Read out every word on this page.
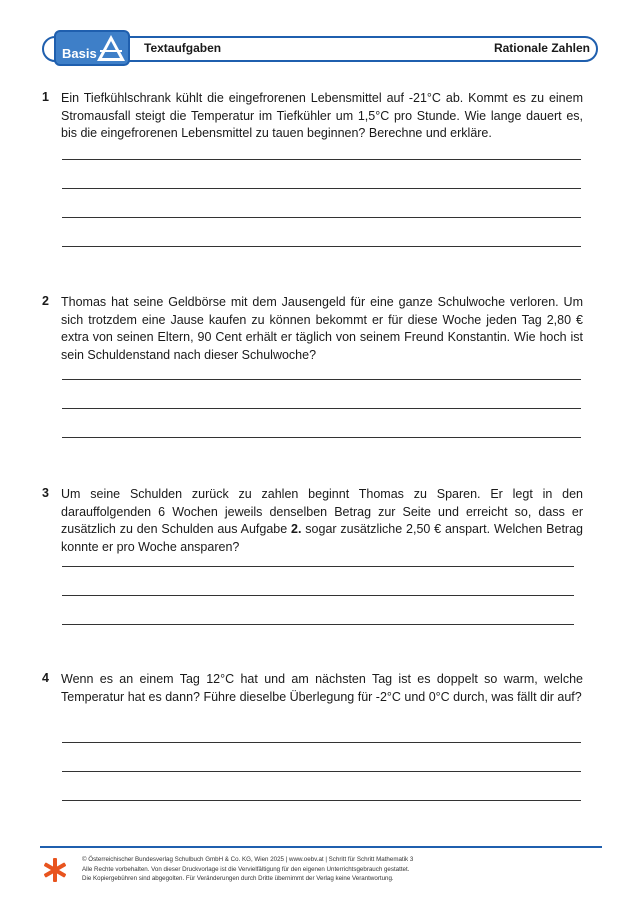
Basis	Textaufgaben	Rationale Zahlen
1 Ein Tiefkühlschrank kühlt die eingefrorenen Lebensmittel auf -21°C ab. Kommt es zu einem Stromausfall steigt die Temperatur im Tiefkühler um 1,5°C pro Stunde. Wie lange dauert es, bis die eingefrorenen Lebensmittel zu tauen beginnen? Berechne und erkläre.
2 Thomas hat seine Geldbörse mit dem Jausengeld für eine ganze Schulwoche verloren. Um sich trotzdem eine Jause kaufen zu können bekommt er für diese Woche jeden Tag 2,80 € extra von seinen Eltern, 90 Cent erhält er täglich von seinem Freund Konstantin. Wie hoch ist sein Schuldenstand nach dieser Schulwoche?
3 Um seine Schulden zurück zu zahlen beginnt Thomas zu Sparen. Er legt in den darauffolgenden 6 Wochen jeweils denselben Betrag zur Seite und erreicht so, dass er zusätzlich zu den Schulden aus Aufgabe 2. sogar zusätzliche 2,50 € anspart. Welchen Betrag konnte er pro Woche ansparen?
4 Wenn es an einem Tag 12°C hat und am nächsten Tag ist es doppelt so warm, welche Temperatur hat es dann? Führe dieselbe Überlegung für -2°C und 0°C durch, was fällt dir auf?
© Österreichischer Bundesverlag Schulbuch GmbH & Co. KG, Wien 2025 | www.oebv.at | Schritt für Schritt Mathematik 3
Alle Rechte vorbehalten. Von dieser Druckvorlage ist die Vervielfältigung für den eigenen Unterrichtsgebrauch gestattet.
Die Kopiergebühren sind abgegolten. Für Veränderungen durch Dritte übernimmt der Verlag keine Verantwortung.
